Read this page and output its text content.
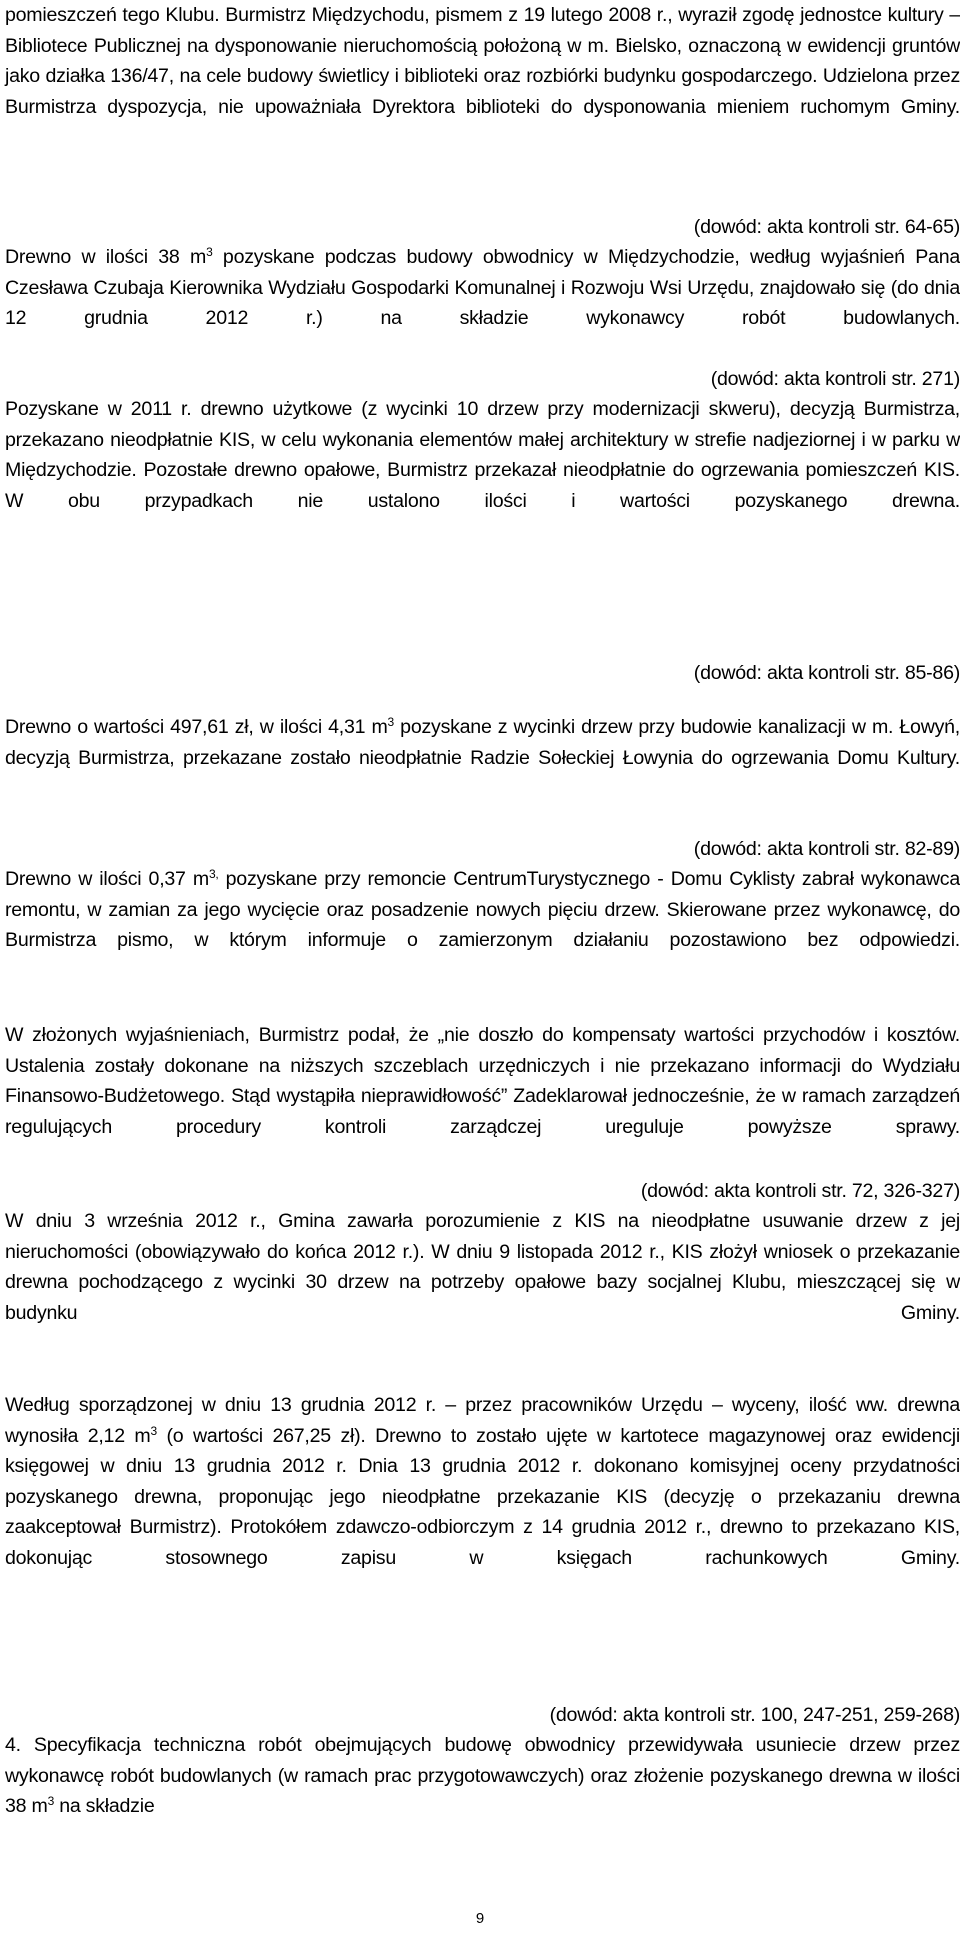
pomieszczeń tego Klubu. Burmistrz Międzychodu, pismem z 19 lutego 2008 r., wyraził zgodę jednostce kultury – Bibliotece Publicznej na dysponowanie nieruchomością położoną w m. Bielsko, oznaczoną w ewidencji gruntów jako działka 136/47, na cele budowy świetlicy i biblioteki oraz rozbiórki budynku gospodarczego. Udzielona przez Burmistrza dyspozycja, nie upoważniała Dyrektora biblioteki do dysponowania mieniem ruchomym Gminy.
(dowód: akta kontroli str. 64-65)
Drewno w ilości 38 $m^3$ pozyskane podczas budowy obwodnicy w Międzychodzie, według wyjaśnień Pana Czesława Czubaja Kierownika Wydziału Gospodarki Komunalnej i Rozwoju Wsi Urzędu, znajdowało się (do dnia 12 grudnia 2012 r.) na składzie wykonawcy robót budowlanych.
(dowód: akta kontroli str. 271)
Pozyskane w 2011 r. drewno użytkowe (z wycinki 10 drzew przy modernizacji skweru), decyzją Burmistrza, przekazano nieodpłatnie KIS, w celu wykonania elementów małej architektury w strefie nadjeziornej i w parku w Międzychodzie. Pozostałe drewno opałowe, Burmistrz przekazał nieodpłatnie do ogrzewania pomieszczeń KIS. W obu przypadkach nie ustalono ilości i wartości pozyskanego drewna.
(dowód: akta kontroli str. 85-86)
Drewno o wartości 497,61 zł, w ilości 4,31 $m^3$ pozyskane z wycinki drzew przy budowie kanalizacji w m. Łowyń, decyzją Burmistrza, przekazane zostało nieodpłatnie Radzie Sołeckiej Łowynia do ogrzewania Domu Kultury.
(dowód: akta kontroli str. 82-89)
Drewno w ilości 0,37 $m^{3,}$ pozyskane przy remoncie CentrumTurystycznego - Domu Cyklisty zabrał wykonawca remontu, w zamian za jego wycięcie oraz posadzenie nowych pięciu drzew. Skierowane przez wykonawcę, do Burmistrza pismo, w którym informuje o zamierzonym działaniu pozostawiono bez odpowiedzi.
W złożonych wyjaśnieniach, Burmistrz podał, że „nie doszło do kompensaty wartości przychodów i kosztów. Ustalenia zostały dokonane na niższych szczeblach urzędniczych i nie przekazano informacji do Wydziału Finansowo-Budżetowego. Stąd wystąpiła nieprawidłowość” Zadeklarował jednocześnie, że w ramach zarządzeń regulujących procedury kontroli zarządczej ureguluje powyższe sprawy.
(dowód: akta kontroli str. 72, 326-327)
W dniu 3 września 2012 r., Gmina zawarła porozumienie z KIS na nieodpłatne usuwanie drzew z jej nieruchomości (obowiązywało do końca 2012 r.). W dniu 9 listopada 2012 r., KIS złożył wniosek o przekazanie drewna pochodzącego z wycinki 30 drzew na potrzeby opałowe bazy socjalnej Klubu, mieszczącej się w budynku Gminy.
Według sporządzonej w dniu 13 grudnia 2012 r. – przez pracowników Urzędu – wyceny, ilość ww. drewna wynosiła 2,12 $m^3$ (o wartości 267,25 zł). Drewno to zostało ujęte w kartotece magazynowej oraz ewidencji księgowej w dniu 13 grudnia 2012 r. Dnia 13 grudnia 2012 r. dokonano komisyjnej oceny przydatności pozyskanego drewna, proponując jego nieodpłatne przekazanie KIS (decyzję o przekazaniu drewna zaakceptował Burmistrz). Protokółem zdawczo-odbiorczym z 14 grudnia 2012 r., drewno to przekazano KIS, dokonując stosownego zapisu w księgach rachunkowych Gminy.
(dowód: akta kontroli str. 100, 247-251, 259-268)
4. Specyfikacja techniczna robót obejmujących budowę obwodnicy przewidywała usuniecie drzew przez wykonawcę robót budowlanych (w ramach prac przygotowawczych) oraz złożenie pozyskanego drewna w ilości 38 $m^3$ na składzie
9
